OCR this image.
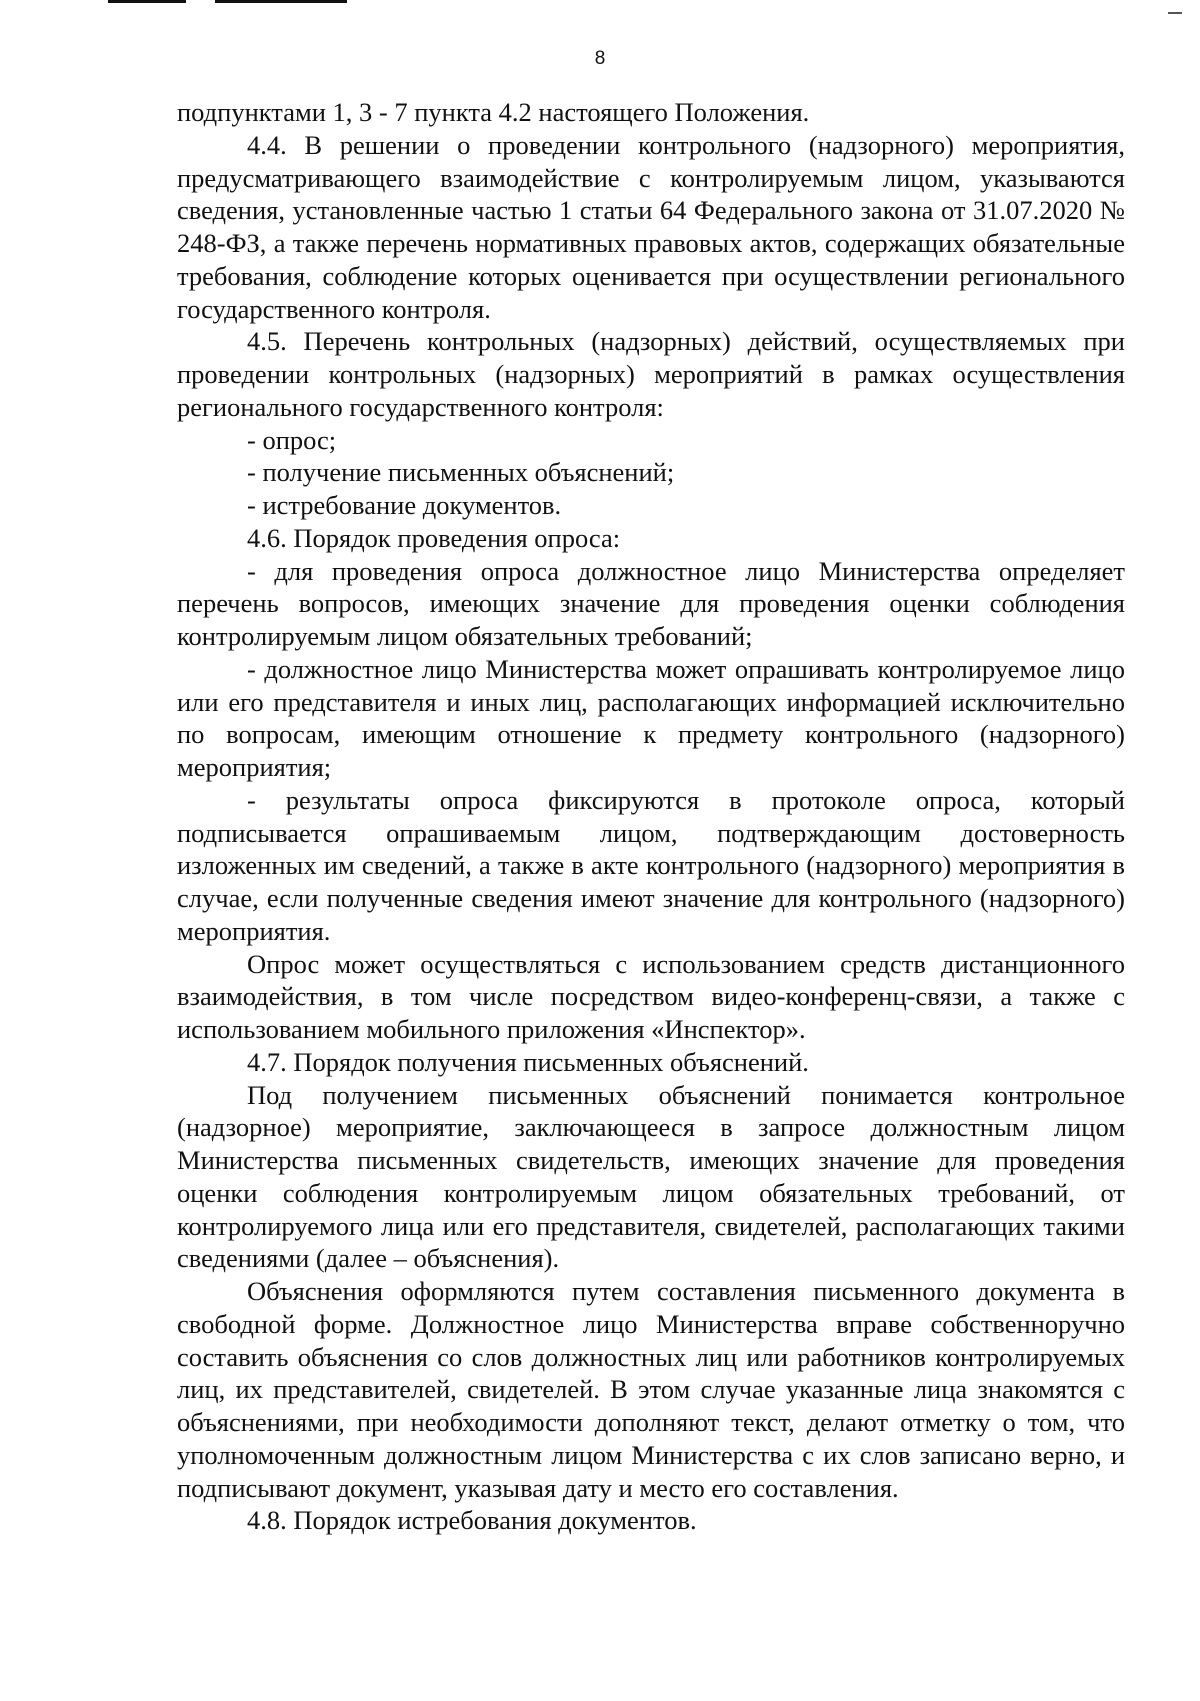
8

подпунктами 1, 3 - 7 пункта 4.2 настоящего Положения.

4.4. В решении о проведении контрольного (надзорного) мероприятия, предусматривающего взаимодействие с контролируемым лицом, указываются сведения, установленные частью 1 статьи 64 Федерального закона от 31.07.2020 № 248-ФЗ, а также перечень нормативных правовых актов, содержащих обязательные требования, соблюдение которых оценивается при осуществлении регионального государственного контроля.

4.5. Перечень контрольных (надзорных) действий, осуществляемых при проведении контрольных (надзорных) мероприятий в рамках осуществления регионального государственного контроля:

- опрос;

- получение письменных объяснений;

- истребование документов.

4.6. Порядок проведения опроса:

- для проведения опроса должностное лицо Министерства определяет перечень вопросов, имеющих значение для проведения оценки соблюдения контролируемым лицом обязательных требований;

- должностное лицо Министерства может опрашивать контролируемое лицо или его представителя и иных лиц, располагающих информацией исключительно по вопросам, имеющим отношение к предмету контрольного (надзорного) мероприятия;

- результаты опроса фиксируются в протоколе опроса, который подписывается опрашиваемым лицом, подтверждающим достоверность изложенных им сведений, а также в акте контрольного (надзорного) мероприятия в случае, если полученные сведения имеют значение для контрольного (надзорного) мероприятия.

Опрос может осуществляться с использованием средств дистанционного взаимодействия, в том числе посредством видео-конференц-связи, а также с использованием мобильного приложения «Инспектор».

4.7. Порядок получения письменных объяснений.

Под получением письменных объяснений понимается контрольное (надзорное) мероприятие, заключающееся в запросе должностным лицом Министерства письменных свидетельств, имеющих значение для проведения оценки соблюдения контролируемым лицом обязательных требований, от контролируемого лица или его представителя, свидетелей, располагающих такими сведениями (далее – объяснения).

Объяснения оформляются путем составления письменного документа в свободной форме. Должностное лицо Министерства вправе собственноручно составить объяснения со слов должностных лиц или работников контролируемых лиц, их представителей, свидетелей. В этом случае указанные лица знакомятся с объяснениями, при необходимости дополняют текст, делают отметку о том, что уполномоченным должностным лицом Министерства с их слов записано верно, и подписывают документ, указывая дату и место его составления.

4.8. Порядок истребования документов.
